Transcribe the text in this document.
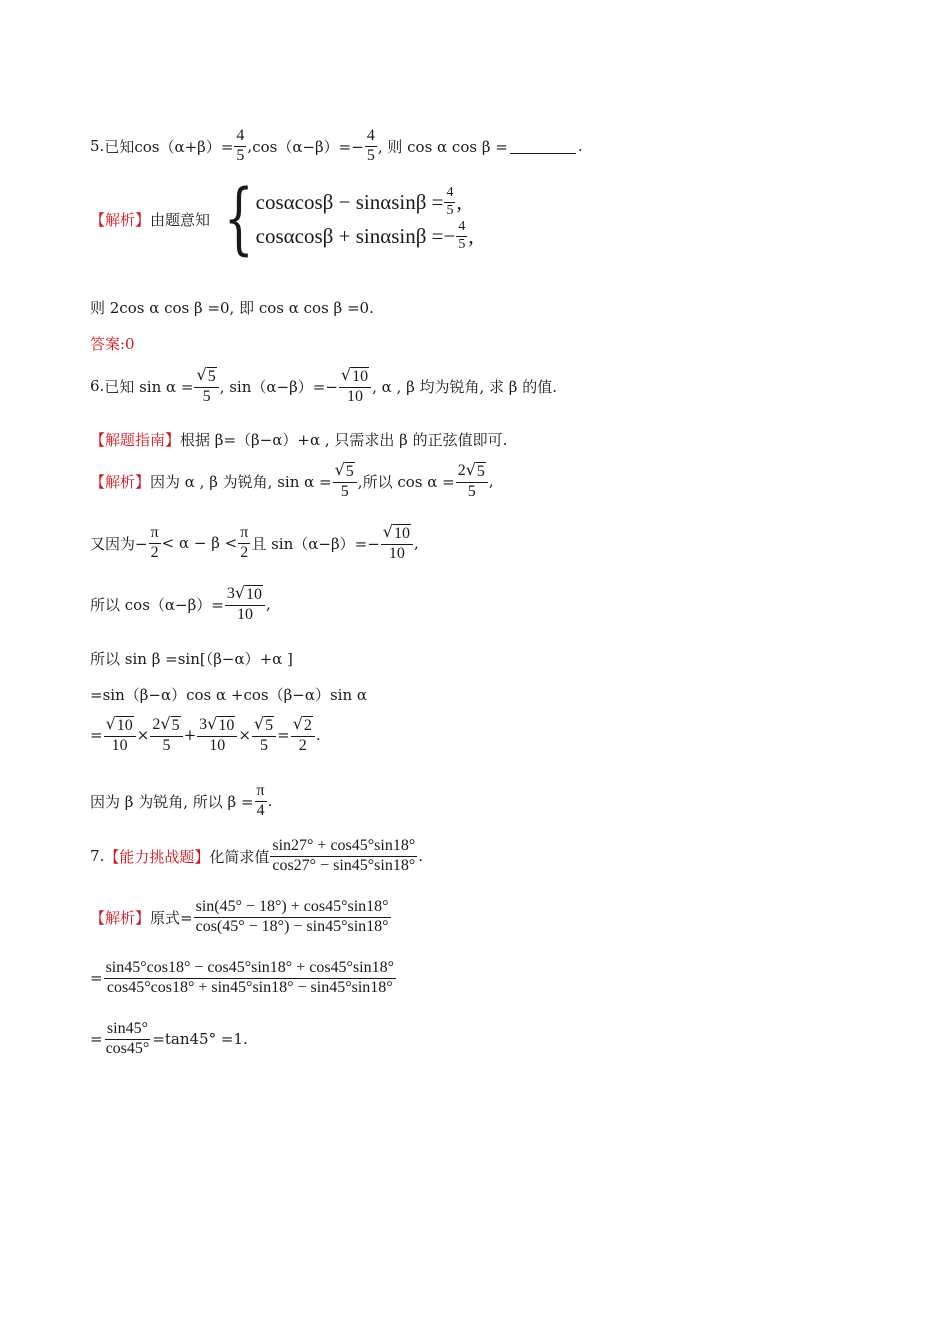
5. 已知 $\cos(\alpha+\beta)= \frac{4}{5}$ , $\cos(\alpha-\beta)=- \frac{4}{5}$ , 则 cos α cos β =	.
【解析】 由题意知 { $\cos\alpha\cos\beta - \sin\alpha\sin\beta = \frac{4}{5}$ ,
$\cos\alpha\cos\beta + \sin\alpha\sin\beta =- \frac{4}{5}$ ,
则 2cos α cos β =0, 即 cos α cos β =0.
答案:0
6. 已知 $\sin \alpha = \frac{√ 5}{5}$ , $\sin(\alpha-\beta)=- \frac{√ 10}{10}$ , α , β 均为锐角, 求 β 的值.
【解题指南】 根据 β=（β−α）+α , 只需求出 β 的正弦值即可.
【解析】 因为 α , β 为锐角, $\sin \alpha = \frac{√ 5}{5}$ ,所以 $\cos \alpha = \frac{2 √ 5}{5}$ ,
又因为− $\frac{\pi}{2} < \alpha - \beta < \frac{\pi}{2}$ 且 $\sin(\alpha-\beta)=- \frac{√ 10}{10}$ ,
所以 $\cos(\alpha-\beta)= \frac{3 √ 10}{10}$ ,
所以 sin β =sin[（β−α）+α ]
=sin（β−α）cos α +cos（β−α）sin α
= $\frac{√ 10}{10} \times \frac{2 √ 5}{5} + \frac{3 √ 10}{10} \times \frac{√ 5}{5} = \frac{√ 2}{2}$ .
因为 β 为锐角, 所以 $\beta = \frac{\pi}{4}$ .
7. 【能力挑战题】 化简求值 $\frac{\sin 27^\circ + \cos 45^\circ\sin 18^\circ}{\cos 27^\circ - \sin 45^\circ\sin 18^\circ}$ .
【解析】 原式= $\frac{\sin(45^\circ - 18^\circ) + \cos 45^\circ\sin 18^\circ}{\cos(45^\circ - 18^\circ) - \sin 45^\circ\sin 18^\circ}$
= $\frac{\sin 45^\circ\cos 18^\circ - \cos 45^\circ\sin 18^\circ + \cos 45^\circ\sin 18^\circ}{\cos 45^\circ\cos 18^\circ + \sin 45^\circ\sin 18^\circ - \sin 45^\circ\sin 18^\circ}$
= $\frac{\sin 45^\circ}{\cos 45^\circ} =\tan 45^\circ =1$.
